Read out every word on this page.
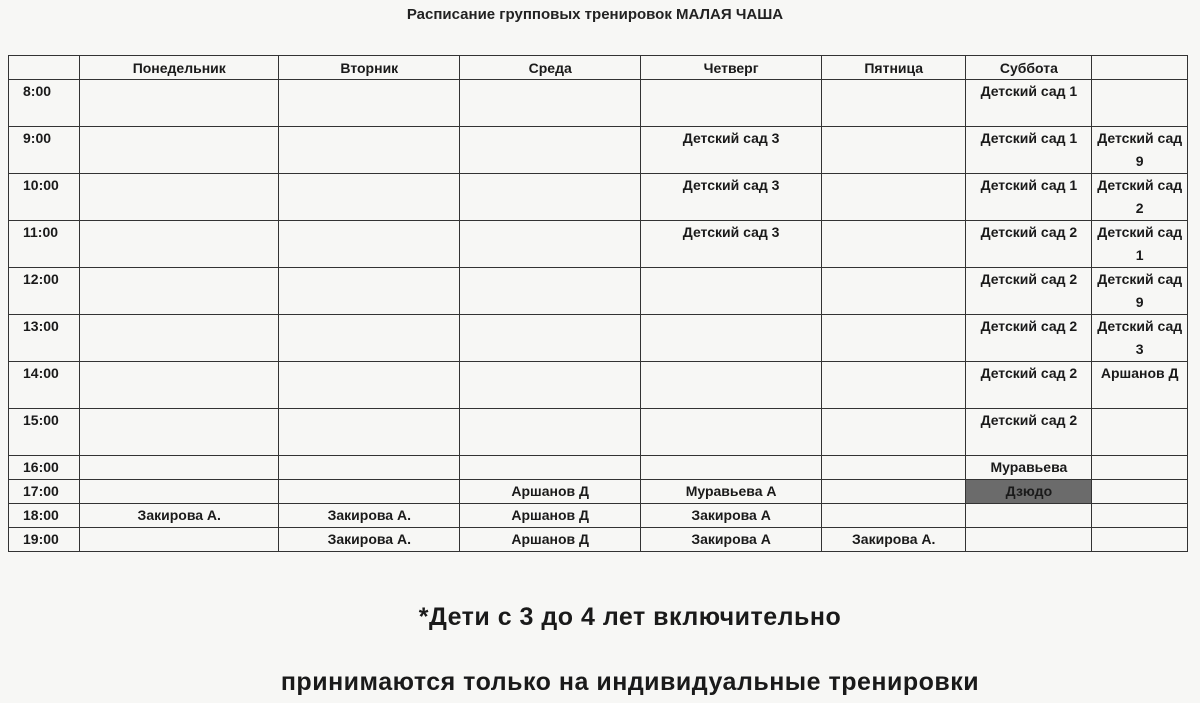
Расписание групповых тренировок МАЛАЯ ЧАША
	Понедельник	Вторник	Среда	Четверг	Пятница	Суббота	
8:00						Детский сад 1	
9:00				Детский сад 3		Детский сад 1	Детский сад 9
10:00				Детский сад 3		Детский сад 1	Детский сад 2
11:00				Детский сад 3		Детский сад 2	Детский сад 1
12:00						Детский сад 2	Детский сад 9
13:00						Детский сад 2	Детский сад 3
14:00						Детский сад 2	Аршанов Д
15:00						Детский сад 2	
16:00						Муравьева	
17:00			Аршанов Д	Муравьева А		Дзюдо	
18:00	Закирова А.	Закирова А.	Аршанов Д	Закирова А			
19:00		Закирова А.	Аршанов Д	Закирова А	Закирова А.		
*Дети с 3 до 4 лет включительно
принимаются только на индивидуальные тренировки
